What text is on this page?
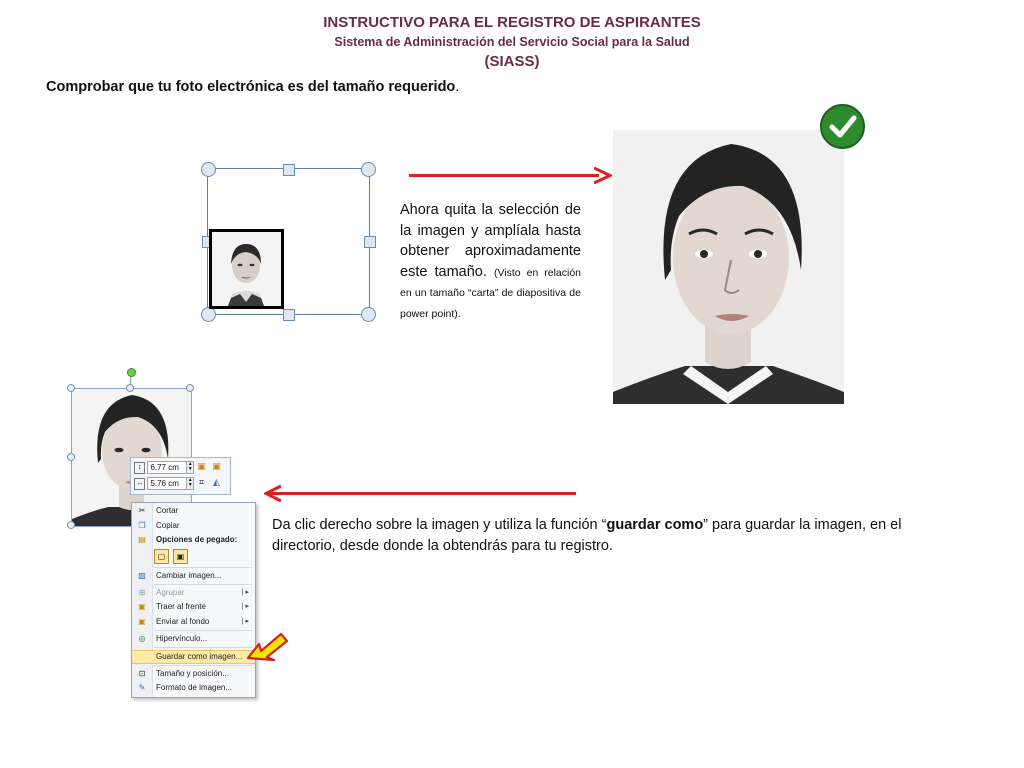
INSTRUCTIVO PARA EL REGISTRO DE ASPIRANTES
Sistema de Administración del Servicio Social para la Salud
(SIASS)
Comprobar que tu foto electrónica es del tamaño requerido.
Ahora quita la selección de la imagen y amplíala hasta obtener aproximadamente este tamaño. (Visto en relación en un tamaño “carta” de diapositiva de power point).
Da clic derecho sobre la imagen y utiliza la función “guardar como” para guardar la imagen, en el directorio, desde donde la obtendrás para tu registro.
↕	6.77 cm	▲
▼
↔ 5.76 cm	▲
▼
▣ ▣
⌗	◭
✂ Cortar
❐ Copiar
▤ Opciones de pegado:
▢	▣
▨ Cambiar imagen...
⊞ Agrupar	| ▸
▣ Traer al frente	| ▸
▣ Enviar al fondo	| ▸
◎ Hipervínculo...
Guardar como imagen...
⊡ Tamaño y posición...
✎ Formato de imagen...
